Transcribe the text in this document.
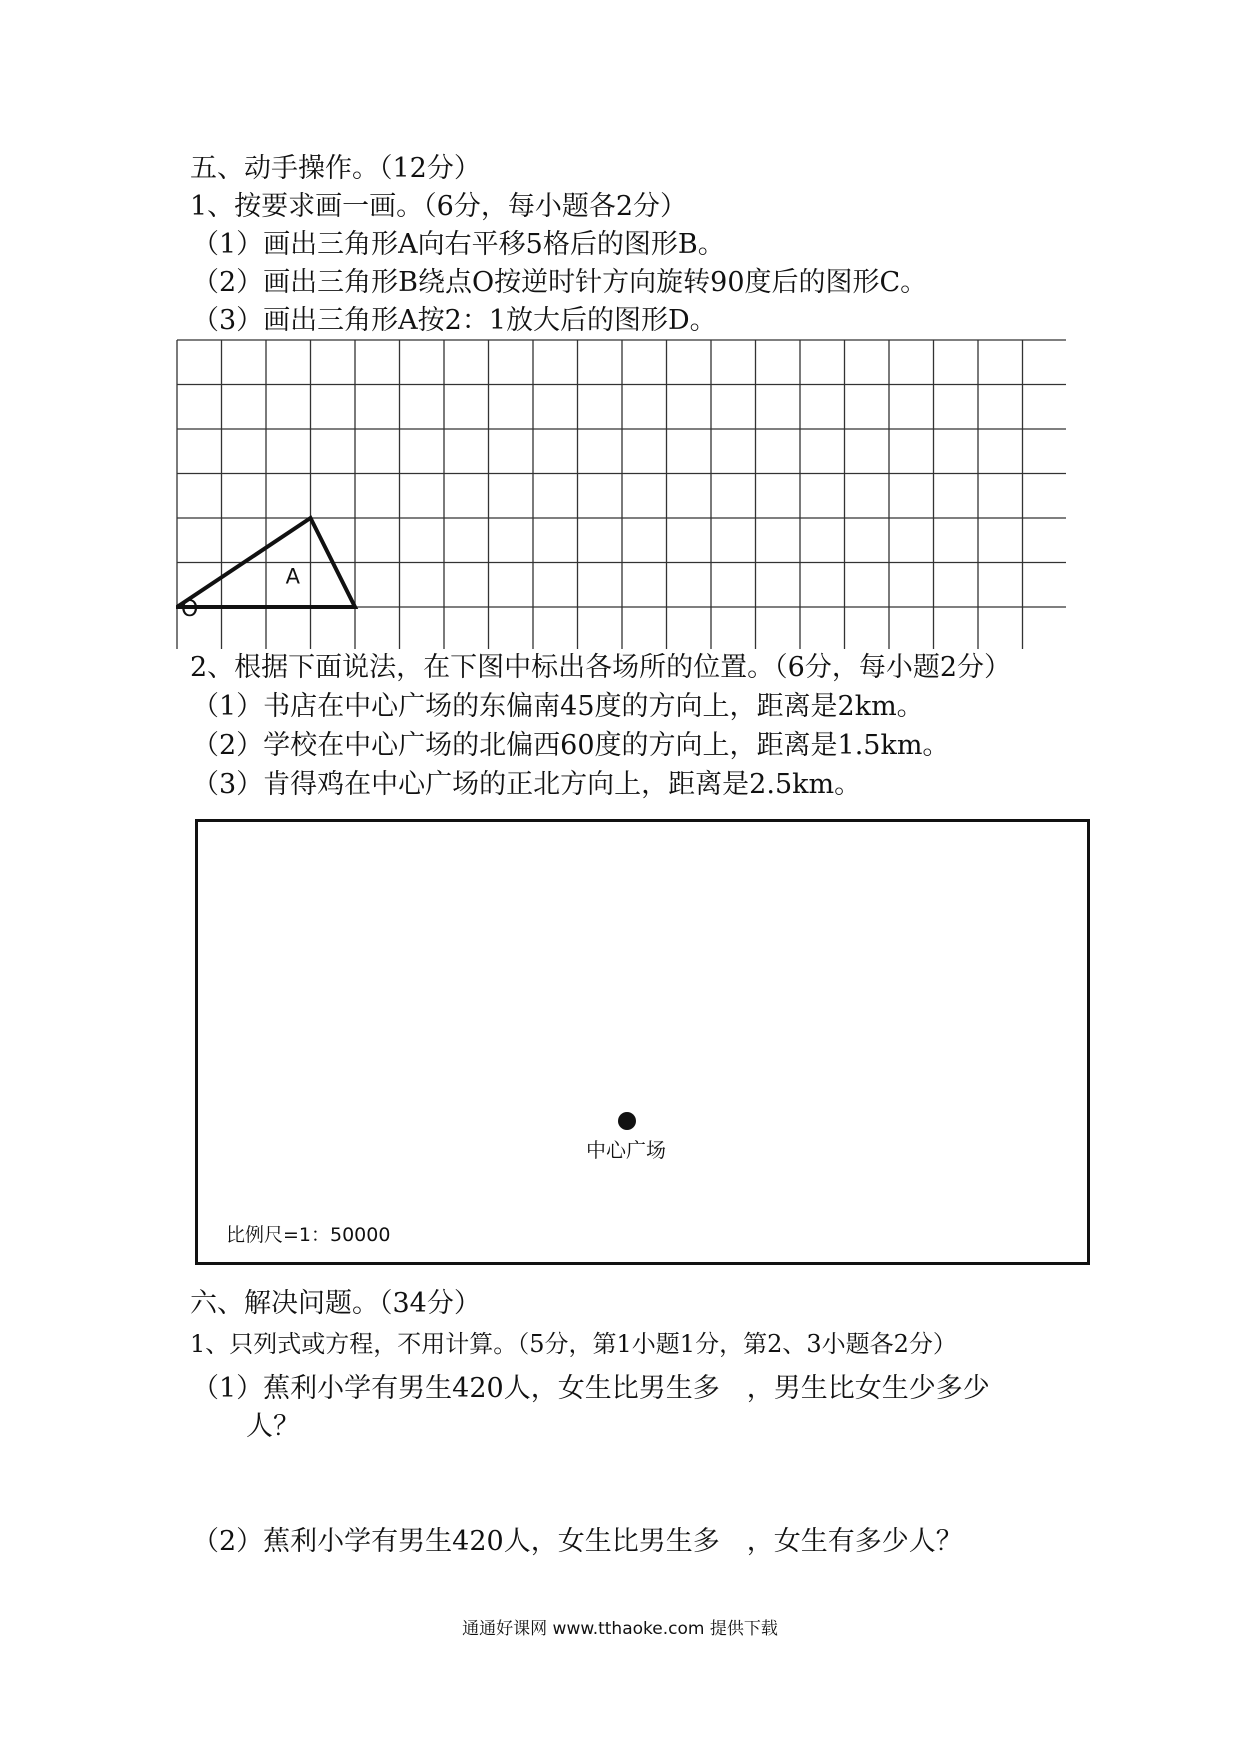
五、动手操作。（12分）

1、按要求画一画。（6分，每小题各2分）

（1）画出三角形A向右平移5格后的图形B。

（2）画出三角形B绕点O按逆时针方向旋转90度后的图形C。

（3）画出三角形A按2：1放大后的图形D。

A
O

2、根据下面说法，在下图中标出各场所的位置。（6分，每小题2分）

（1）书店在中心广场的东偏南45度的方向上，距离是2km。

（2）学校在中心广场的北偏西60度的方向上，距离是1.5km。

（3）肯得鸡在中心广场的正北方向上，距离是2.5km。

中心广场
比例尺=1：50000

六、解决问题。（34分）

1、只列式或方程，不用计算。（5分，第1小题1分，第2、3小题各2分）

（1）蕉利小学有男生420人，女生比男生多　，男生比女生少多少

人？

（2）蕉利小学有男生420人，女生比男生多　，女生有多少人？

通通好课网 www.tthaoke.com 提供下载
